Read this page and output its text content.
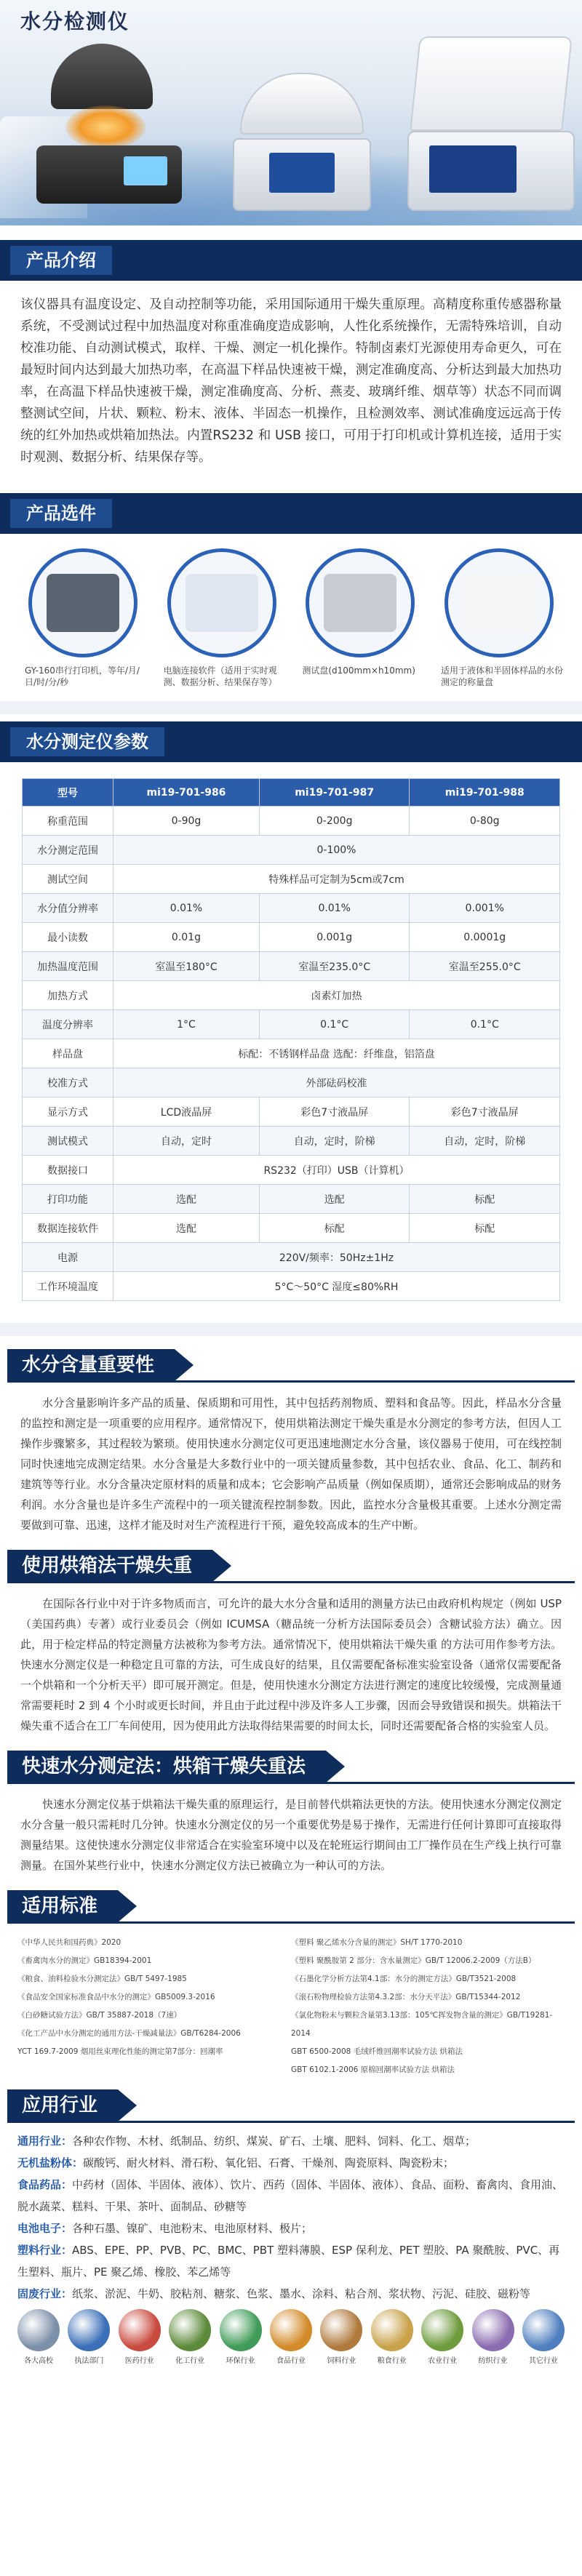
水分检测仪
产品介绍

该仪器具有温度设定、及自动控制等功能，采用国际通用干燥失重原理。高精度称重传感器称量系统，不受测试过程中加热温度对称重准确度造成影响，人性化系统操作，无需特殊培训，自动校准功能、自动测试模式，取样、干燥、测定一机化操作。特制卤素灯光源使用寿命更久，可在最短时间内达到最大加热功率，在高温下样品快速被干燥，测定准确度高、分析达到最大加热功率，在高温下样品快速被干燥，测定准确度高、分析、燕麦、玻璃纤维、烟草等）状态不同而调整测试空间，片状、颗粒、粉末、液体、半固态一机操作，且检测效率、测试准确度远远高于传统的红外加热或烘箱加热法。内置RS232 和 USB 接口，可用于打印机或计算机连接，适用于实时观测、数据分析、结果保存等。

产品选件

GY-160串行打印机，等年/月/日/时/分/秒

电脑连接软件（适用于实时观测、数据分析、结果保存等）

测试盘(d100mm×h10mm)	适用于液体和半固体样品的水份测定的称量盘

水分测定仪参数
型号	mi19-701-986	mi19-701-987	mi19-701-988
称重范围	0-90g	0-200g	0-80g
水分测定范围	0-100%		
测试空间	特殊样品可定制为5cm或7cm		
水分值分辨率	0.01%	0.01%	0.001%
最小读数	0.01g	0.001g	0.0001g
加热温度范围	室温至180°C	室温至235.0°C	室温至255.0°C
加热方式	卤素灯加热		
温度分辨率	1°C	0.1°C	0.1°C
样品盘	标配：不锈钢样品盘 选配：纤维盘，铝箔盘		
校准方式	外部砝码校准		
显示方式	LCD液晶屏	彩色7寸液晶屏	彩色7寸液晶屏
测试模式	自动，定时	自动，定时，阶梯	自动，定时，阶梯
数据接口	RS232（打印）USB（计算机）		
打印功能	选配	选配	标配
数据连接软件	选配	标配	标配
电源	220V/频率：50Hz±1Hz		
工作环境温度	5°C～50°C 湿度≤80%RH		
水分含量重要性

水分含量影响许多产品的质量、保质期和可用性，其中包括药剂物质、塑料和食品等。因此，样品水分含量的监控和测定是一项重要的应用程序。通常情况下，使用烘箱法测定干燥失重是水分测定的参考方法，但因人工操作步骤繁多，其过程较为繁琐。使用快速水分测定仪可更迅速地测定水分含量，该仪器易于使用，可在线控制同时快速地完成测定结果。水分含量是大多数行业中的一项关键质量参数，其中包括农业、食品、化工、制药和建筑等等行业。水分含量决定原材料的质量和成本；它会影响产品质量（例如保质期），通常还会影响成品的财务利润。水分含量也是许多生产流程中的一项关键流程控制参数。因此，监控水分含量极其重要。上述水分测定需要做到可靠、迅速，这样才能及时对生产流程进行干预，避免较高成本的生产中断。

使用烘箱法干燥失重

在国际各行业中对于许多物质而言，可允许的最大水分含量和适用的测量方法已由政府机构规定（例如 USP（美国药典）专著）或行业委员会（例如 ICUMSA（糖品统一分析方法国际委员会）含糖试验方法）确立。因此，用于检定样品的特定测量方法被称为参考方法。通常情况下，使用烘箱法干燥失重 的方法可用作参考方法。快速水分测定仪是一种稳定且可靠的方法，可生成良好的结果，且仅需要配备标准实验室设备（通常仅需要配备一个烘箱和一个分析天平）即可展开测定。但是，使用快速水分测定方法进行测定的速度比较缓慢，完成测量通常需要耗时 2 到 4 个小时或更长时间，并且由于此过程中涉及许多人工步骤，因而会导致错误和损失。烘箱法干燥失重不适合在工厂车间使用，因为使用此方法取得结果需要的时间太长，同时还需要配备合格的实验室人员。

快速水分测定法：烘箱干燥失重法

快速水分测定仪基于烘箱法干燥失重的原理运行，是目前替代烘箱法更快的方法。使用快速水分测定仪测定水分含量一般只需耗时几分钟。快速水分测定仪的另一个重要优势是易于操作，无需进行任何计算即可直接取得测量结果。这使快速水分测定仪非常适合在实验室环境中以及在轮班运行期间由工厂操作员在生产线上执行可靠测量。在国外某些行业中，快速水分测定仪方法已被确立为一种认可的方法。

适用标准
《中华人民共和国药典》2020
《畜禽肉水分的测定》GB18394-2001
《粮食、油料检验水分测定法》GB/T 5497-1985
《食品安全国家标准食品中水分的测定》GB5009.3-2016
《白砂糖试验方法》GB/T 35887-2018（7速）
《化工产品中水分测定的通用方法-干燥减量法》GB/T6284-2006
YCT 169.7-2009 烟用丝束理化性能的测定第7部分：回潮率
《塑料 聚乙烯水分含量的测定》SH/T 1770-2010
《塑料 聚酰胺第 2 部分：含水量测定》GB/T 12006.2-2009（方法B）
《石墨化学分析方法第4.1部：水分的测定方法》GB/T3521-2008
《滚石粉物理检验方法第4.3.2部：水分天平法》GB/T15344-2012
《氯化物粉末与颗粒含量第3.13部：105℃挥发物含量的测定》GB/T19281-2014
GBT 6500-2008 毛绒纤维回潮率试验方法 烘箱法
GBT 6102.1-2006 原棉回潮率试验方法 烘箱法
应用行业
通用行业：各种农作物、木材、纸制品、纺织、煤炭、矿石、土壤、肥料、饲料、化工、烟草；
无机盐粉体：碳酸钙、耐火材料、滑石粉、氧化铝、石膏、干燥剂、陶瓷原料、陶瓷粉末；
食品药品：中药材（固体、半固体、液体）、饮片、西药（固体、半固体、液体）、食品、面粉、畜禽肉、食用油、脱水蔬菜、糕料、干果、茶叶、面制品、砂糖等
电池电子：各种石墨、镍矿、电池粉末、电池原材料、极片；
塑料行业：ABS、EPE、PP、PVB、PC、BMC、PBT 塑料薄膜、ESP 保利龙、PET 塑胶、PA 聚酰胺、PVC、再生塑料、瓶片、PE 聚乙烯、橡胶、苯乙烯等
固废行业：纸浆、淤泥、牛奶、胶粘剂、糖浆、色浆、墨水、涂料、粘合剂、浆状物、污泥、硅胶、磁粉等
各大高校	执法部门	医药行业	化工行业	环保行业	食品行业	饲料行业	粮食行业	农业行业	纺织行业	其它行业
